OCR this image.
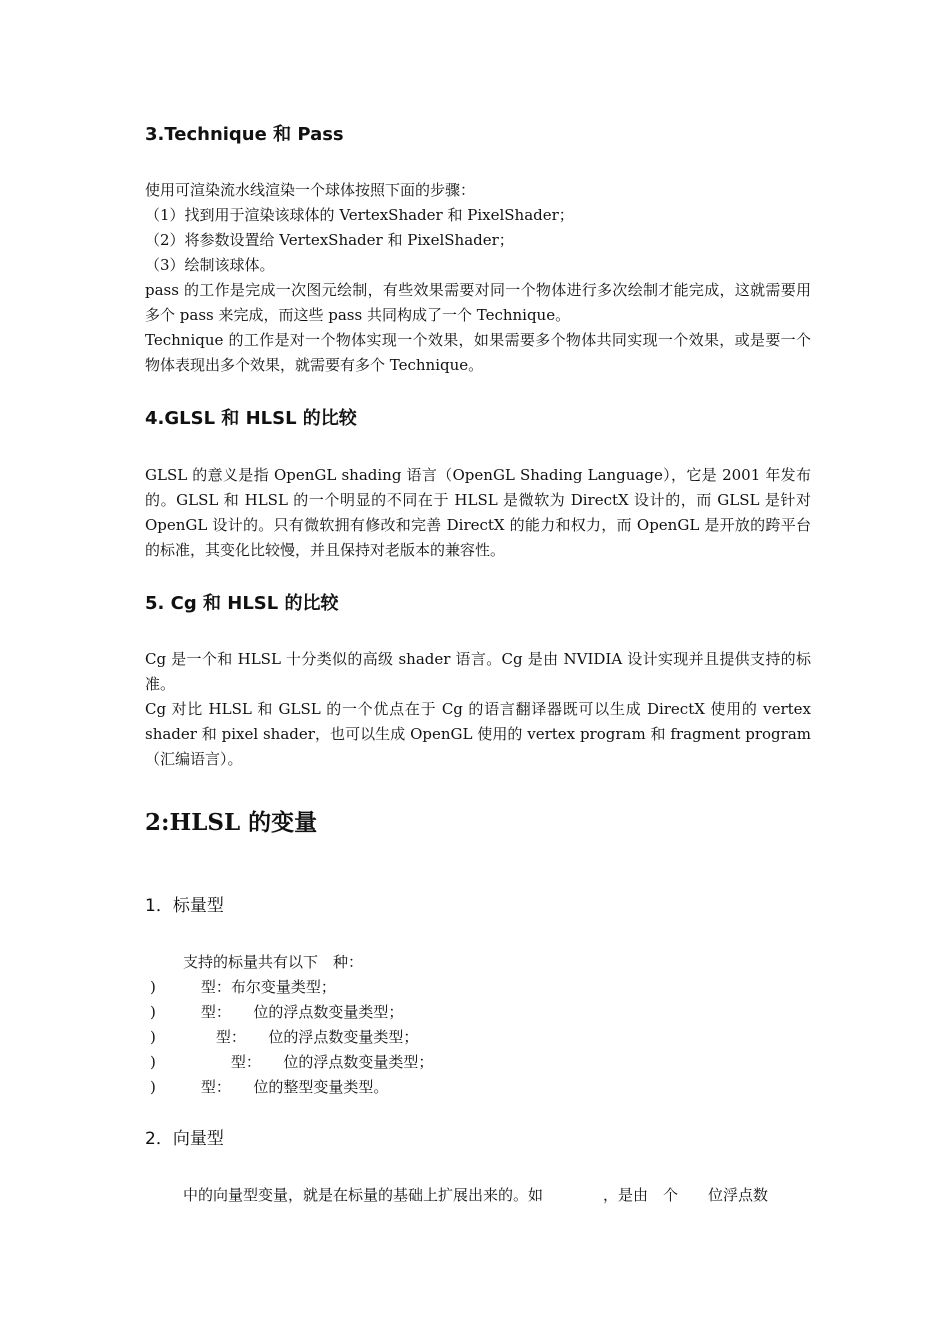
3.Technique 和 Pass

使用可渲染流水线渲染一个球体按照下面的步骤：

（1）找到用于渲染该球体的 VertexShader 和 PixelShader；

（2）将参数设置给 VertexShader 和 PixelShader；

（3）绘制该球体。

pass 的工作是完成一次图元绘制，有些效果需要对同一个物体进行多次绘制才能完成，这就需要用多个 pass 来完成，而这些 pass 共同构成了一个 Technique。

Technique 的工作是对一个物体实现一个效果，如果需要多个物体共同实现一个效果，或是要一个物体表现出多个效果，就需要有多个 Technique。

4.GLSL 和 HLSL 的比较

GLSL 的意义是指 OpenGL shading 语言（OpenGL Shading Language），它是 2001 年发布的。GLSL 和 HLSL 的一个明显的不同在于 HLSL 是微软为 DirectX 设计的，而 GLSL 是针对 OpenGL 设计的。只有微软拥有修改和完善 DirectX 的能力和权力，而 OpenGL 是开放的跨平台的标准，其变化比较慢，并且保持对老版本的兼容性。

5. Cg 和 HLSL 的比较

Cg 是一个和 HLSL 十分类似的高级 shader 语言。Cg 是由 NVIDIA 设计实现并且提供支持的标准。

Cg 对比 HLSL 和 GLSL 的一个优点在于 Cg 的语言翻译器既可以生成 DirectX 使用的 vertex shader 和 pixel shader，也可以生成 OpenGL 使用的 vertex program 和 fragment program（汇编语言）。

2:HLSL 的变量
1．标量型

支持的标量共有以下　种：

)　　　型：布尔变量类型；

)　　　型：　　位的浮点数变量类型；

)　　　　型：　　位的浮点数变量类型；

)　　　　　型：　　位的浮点数变量类型；

)　　　型：　　位的整型变量类型。

2．向量型

中的向量型变量，就是在标量的基础上扩展出来的。如　　　　，是由　个　　位浮点数
